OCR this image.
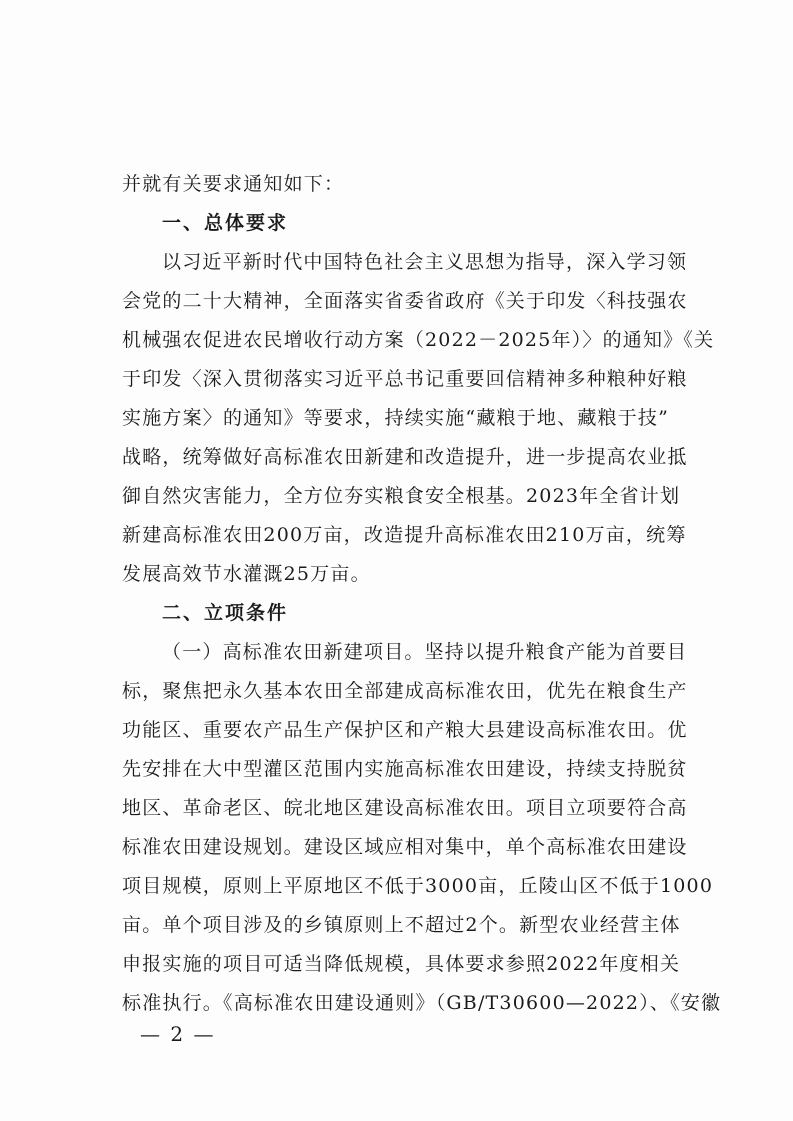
并就有关要求通知如下：
一、总体要求
以习近平新时代中国特色社会主义思想为指导，深入学习领
会党的二十大精神，全面落实省委省政府《关于印发〈科技强农
机械强农促进农民增收行动方案（2022－2025年）〉的通知》《关
于印发〈深入贯彻落实习近平总书记重要回信精神多种粮种好粮
实施方案〉的通知》等要求，持续实施“藏粮于地、藏粮于技”
战略，统筹做好高标准农田新建和改造提升，进一步提高农业抵
御自然灾害能力，全方位夯实粮食安全根基。2023年全省计划
新建高标准农田200万亩，改造提升高标准农田210万亩，统筹
发展高效节水灌溉25万亩。
二、立项条件
（一）高标准农田新建项目。坚持以提升粮食产能为首要目
标，聚焦把永久基本农田全部建成高标准农田，优先在粮食生产
功能区、重要农产品生产保护区和产粮大县建设高标准农田。优
先安排在大中型灌区范围内实施高标准农田建设，持续支持脱贫
地区、革命老区、皖北地区建设高标准农田。项目立项要符合高
标准农田建设规划。建设区域应相对集中，单个高标准农田建设
项目规模，原则上平原地区不低于3000亩，丘陵山区不低于1000
亩。单个项目涉及的乡镇原则上不超过2个。新型农业经营主体
申报实施的项目可适当降低规模，具体要求参照2022年度相关
标准执行。《高标准农田建设通则》（GB/T30600—2022）、《安徽
— 2 —
